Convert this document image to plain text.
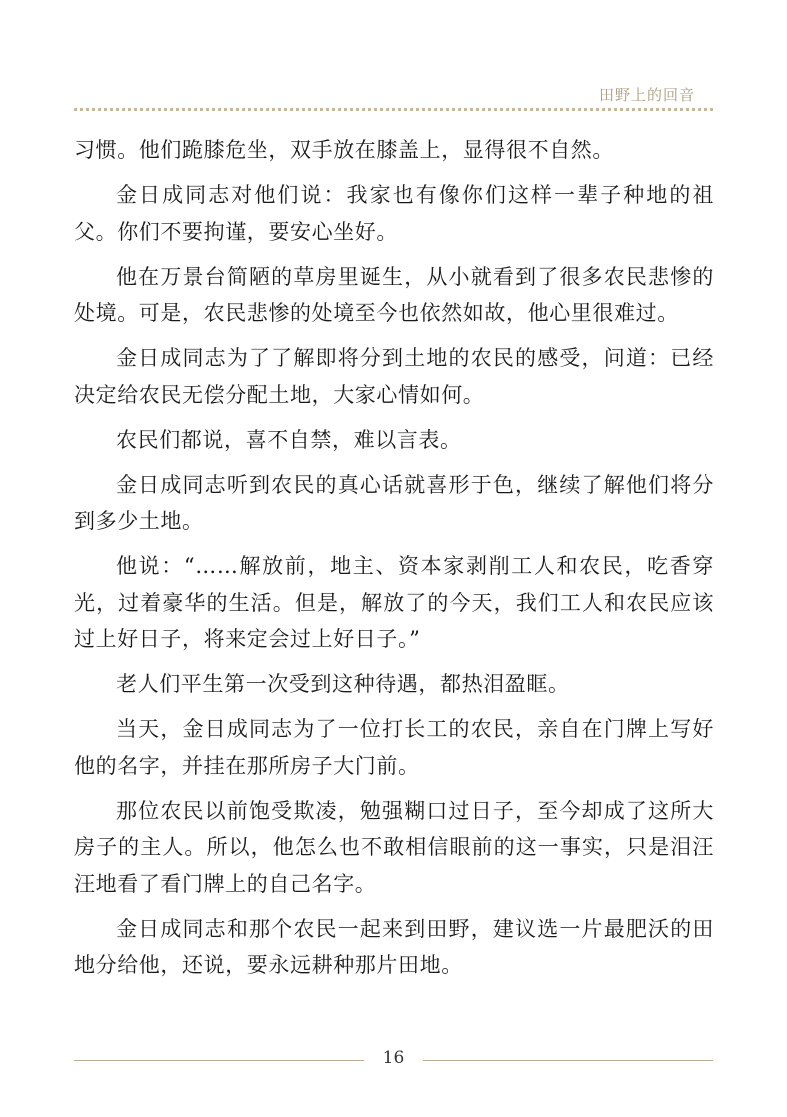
田野上的回音

习惯。他们跪膝危坐，双手放在膝盖上，显得很不自然。

金日成同志对他们说：我家也有像你们这样一辈子种地的祖父。你们不要拘谨，要安心坐好。

他在万景台简陋的草房里诞生，从小就看到了很多农民悲惨的处境。可是，农民悲惨的处境至今也依然如故，他心里很难过。

金日成同志为了了解即将分到土地的农民的感受，问道：已经决定给农民无偿分配土地，大家心情如何。

农民们都说，喜不自禁，难以言表。

金日成同志听到农民的真心话就喜形于色，继续了解他们将分到多少土地。

他说：“……解放前，地主、资本家剥削工人和农民，吃香穿光，过着豪华的生活。但是，解放了的今天，我们工人和农民应该过上好日子，将来定会过上好日子。”

老人们平生第一次受到这种待遇，都热泪盈眶。

当天，金日成同志为了一位打长工的农民，亲自在门牌上写好他的名字，并挂在那所房子大门前。

那位农民以前饱受欺凌，勉强糊口过日子，至今却成了这所大房子的主人。所以，他怎么也不敢相信眼前的这一事实，只是泪汪汪地看了看门牌上的自己名字。

金日成同志和那个农民一起来到田野，建议选一片最肥沃的田地分给他，还说，要永远耕种那片田地。

16
